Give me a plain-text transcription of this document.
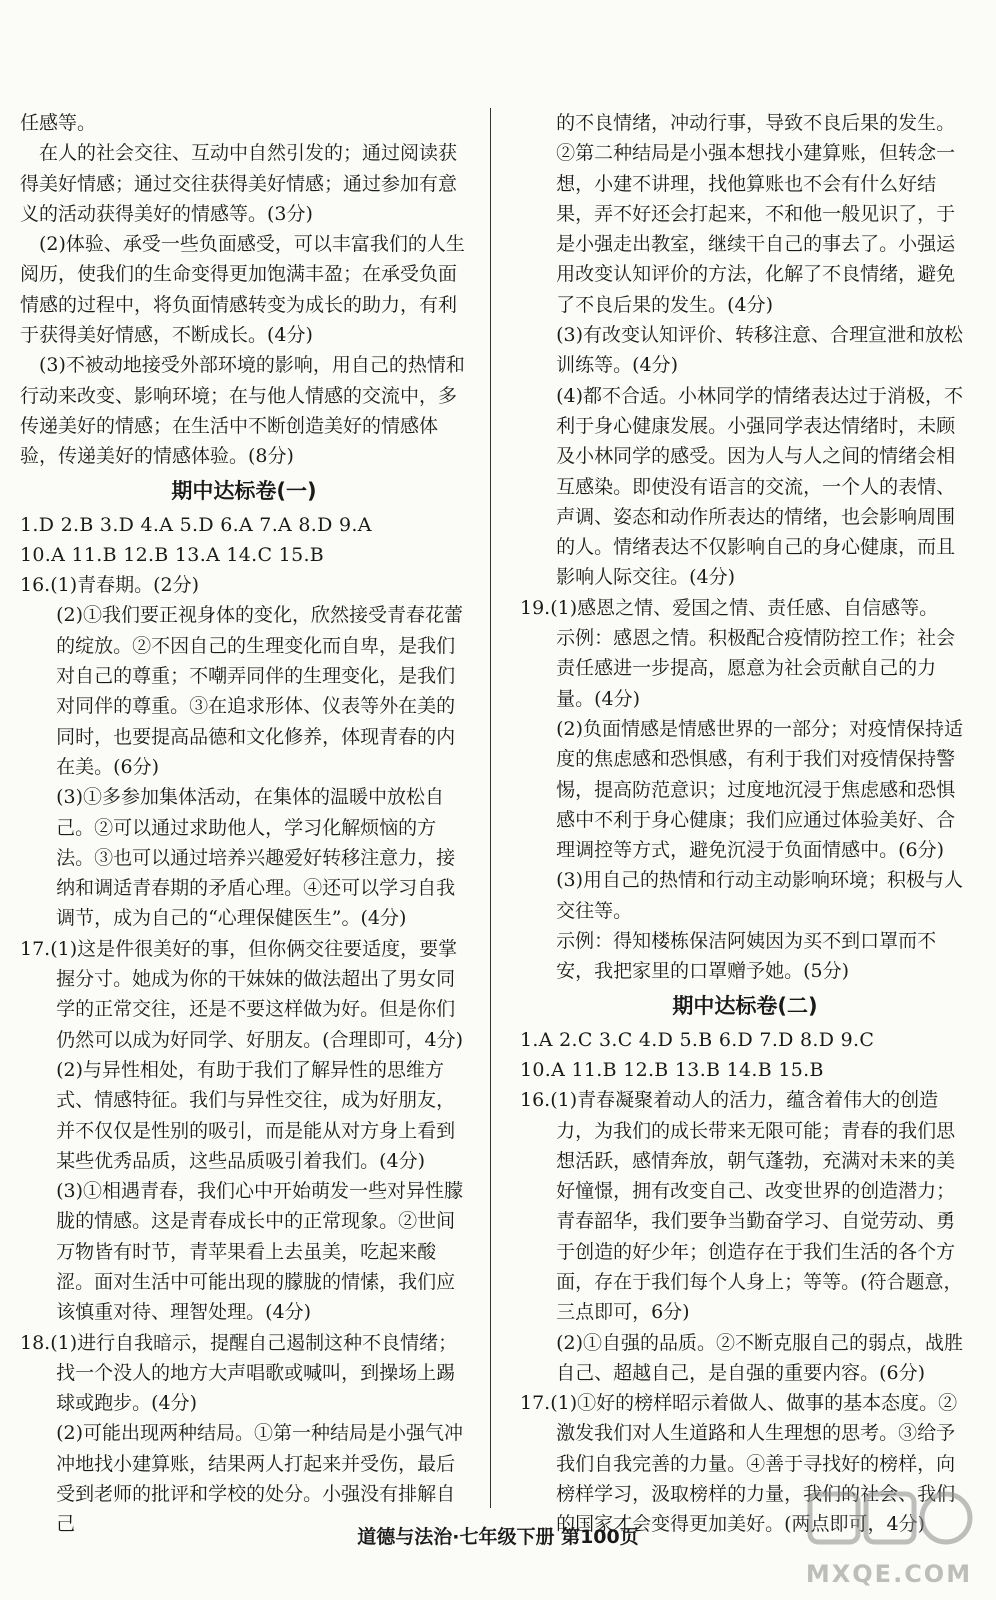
任感等。

在人的社会交往、互动中自然引发的；通过阅读获得美好情感；通过交往获得美好情感；通过参加有意义的活动获得美好的情感等。(3分)

(2)体验、承受一些负面感受，可以丰富我们的人生阅历，使我们的生命变得更加饱满丰盈；在承受负面情感的过程中，将负面情感转变为成长的助力，有利于获得美好情感，不断成长。(4分)

(3)不被动地接受外部环境的影响，用自己的热情和行动来改变、影响环境；在与他人情感的交流中，多传递美好的情感；在生活中不断创造美好的情感体验，传递美好的情感体验。(8分)

期中达标卷(一)

1.D 2.B 3.D 4.A 5.D 6.A 7.A 8.D 9.A

10.A 11.B 12.B 13.A 14.C 15.B

16.(1)青春期。(2分)

(2)①我们要正视身体的变化，欣然接受青春花蕾的绽放。②不因自己的生理变化而自卑，是我们对自己的尊重；不嘲弄同伴的生理变化，是我们对同伴的尊重。③在追求形体、仪表等外在美的同时，也要提高品德和文化修养，体现青春的内在美。(6分)

(3)①多参加集体活动，在集体的温暖中放松自己。②可以通过求助他人，学习化解烦恼的方法。③也可以通过培养兴趣爱好转移注意力，接纳和调适青春期的矛盾心理。④还可以学习自我调节，成为自己的“心理保健医生”。(4分)

17.(1)这是件很美好的事，但你俩交往要适度，要掌握分寸。她成为你的干妹妹的做法超出了男女同学的正常交往，还是不要这样做为好。但是你们仍然可以成为好同学、好朋友。(合理即可，4分)

(2)与异性相处，有助于我们了解异性的思维方式、情感特征。我们与异性交往，成为好朋友，并不仅仅是性别的吸引，而是能从对方身上看到某些优秀品质，这些品质吸引着我们。(4分)

(3)①相遇青春，我们心中开始萌发一些对异性朦胧的情感。这是青春成长中的正常现象。②世间万物皆有时节，青苹果看上去虽美，吃起来酸涩。面对生活中可能出现的朦胧的情愫，我们应该慎重对待、理智处理。(4分)

18.(1)进行自我暗示，提醒自己遏制这种不良情绪；找一个没人的地方大声唱歌或喊叫，到操场上踢球或跑步。(4分)

(2)可能出现两种结局。①第一种结局是小强气冲冲地找小建算账，结果两人打起来并受伤，最后受到老师的批评和学校的处分。小强没有排解自己

的不良情绪，冲动行事，导致不良后果的发生。②第二种结局是小强本想找小建算账，但转念一想，小建不讲理，找他算账也不会有什么好结果，弄不好还会打起来，不和他一般见识了，于是小强走出教室，继续干自己的事去了。小强运用改变认知评价的方法，化解了不良情绪，避免了不良后果的发生。(4分)

(3)有改变认知评价、转移注意、合理宣泄和放松训练等。(4分)

(4)都不合适。小林同学的情绪表达过于消极，不利于身心健康发展。小强同学表达情绪时，未顾及小林同学的感受。因为人与人之间的情绪会相互感染。即使没有语言的交流，一个人的表情、声调、姿态和动作所表达的情绪，也会影响周围的人。情绪表达不仅影响自己的身心健康，而且影响人际交往。(4分)

19.(1)感恩之情、爱国之情、责任感、自信感等。

示例：感恩之情。积极配合疫情防控工作；社会责任感进一步提高，愿意为社会贡献自己的力量。(4分)

(2)负面情感是情感世界的一部分；对疫情保持适度的焦虑感和恐惧感，有利于我们对疫情保持警惕，提高防范意识；过度地沉浸于焦虑感和恐惧感中不利于身心健康；我们应通过体验美好、合理调控等方式，避免沉浸于负面情感中。(6分)

(3)用自己的热情和行动主动影响环境；积极与人交往等。

示例：得知楼栋保洁阿姨因为买不到口罩而不安，我把家里的口罩赠予她。(5分)

期中达标卷(二)

1.A 2.C 3.C 4.D 5.B 6.D 7.D 8.D 9.C

10.A 11.B 12.B 13.B 14.B 15.B

16.(1)青春凝聚着动人的活力，蕴含着伟大的创造力，为我们的成长带来无限可能；青春的我们思想活跃，感情奔放，朝气蓬勃，充满对未来的美好憧憬，拥有改变自己、改变世界的创造潜力；青春韶华，我们要争当勤奋学习、自觉劳动、勇于创造的好少年；创造存在于我们生活的各个方面，存在于我们每个人身上；等等。(符合题意，三点即可，6分)

(2)①自强的品质。②不断克服自己的弱点，战胜自己、超越自己，是自强的重要内容。(6分)

17.(1)①好的榜样昭示着做人、做事的基本态度。②激发我们对人生道路和人生理想的思考。③给予我们自我完善的力量。④善于寻找好的榜样，向榜样学习，汲取榜样的力量，我们的社会、我们的国家才会变得更加美好。(两点即可，4分)

道德与法治·七年级下册 第100页
MXQE.COM
